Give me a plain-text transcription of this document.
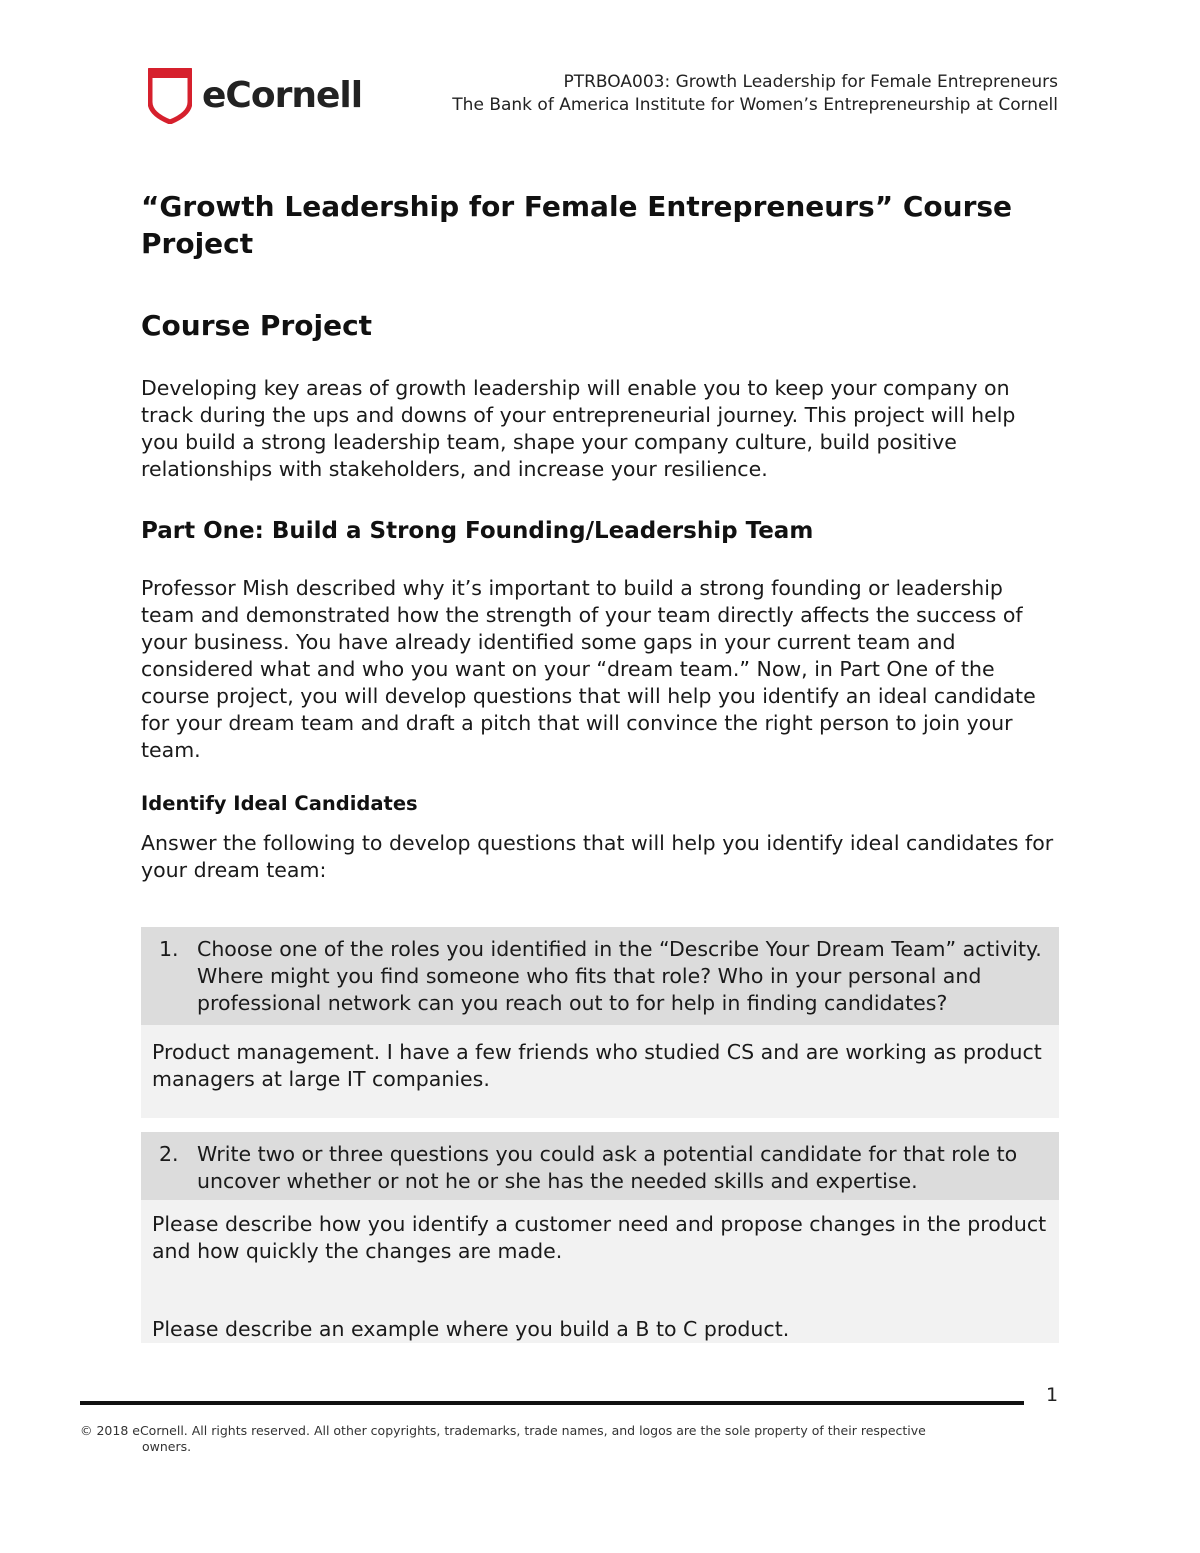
eCornell	PTRBOA003: Growth Leadership for Female Entrepreneurs
The Bank of America Institute for Women’s Entrepreneurship at Cornell
“Growth Leadership for Female Entrepreneurs” Course Project
Course Project

Developing key areas of growth leadership will enable you to keep your company on track during the ups and downs of your entrepreneurial journey. This project will help you build a strong leadership team, shape your company culture, build positive relationships with stakeholders, and increase your resilience.

Part One: Build a Strong Founding/Leadership Team

Professor Mish described why it’s important to build a strong founding or leadership team and demonstrated how the strength of your team directly affects the success of your business. You have already identified some gaps in your current team and considered what and who you want on your “dream team.” Now, in Part One of the course project, you will develop questions that will help you identify an ideal candidate for your dream team and draft a pitch that will convince the right person to join your team.

Identify Ideal Candidates

Answer the following to develop questions that will help you identify ideal candidates for your dream team:

1. Choose one of the roles you identified in the “Describe Your Dream Team” activity. Where might you find someone who fits that role? Who in your personal and professional network can you reach out to for help in finding candidates?

Product management. I have a few friends who studied CS and are working as product managers at large IT companies.

2. Write two or three questions you could ask a potential candidate for that role to uncover whether or not he or she has the needed skills and expertise.

Please describe how you identify a customer need and propose changes in the product and how quickly the changes are made.

Please describe an example where you build a B to C product.

1
© 2018 eCornell. All rights reserved. All other copyrights, trademarks, trade names, and logos are the sole property of their respective
owners.
